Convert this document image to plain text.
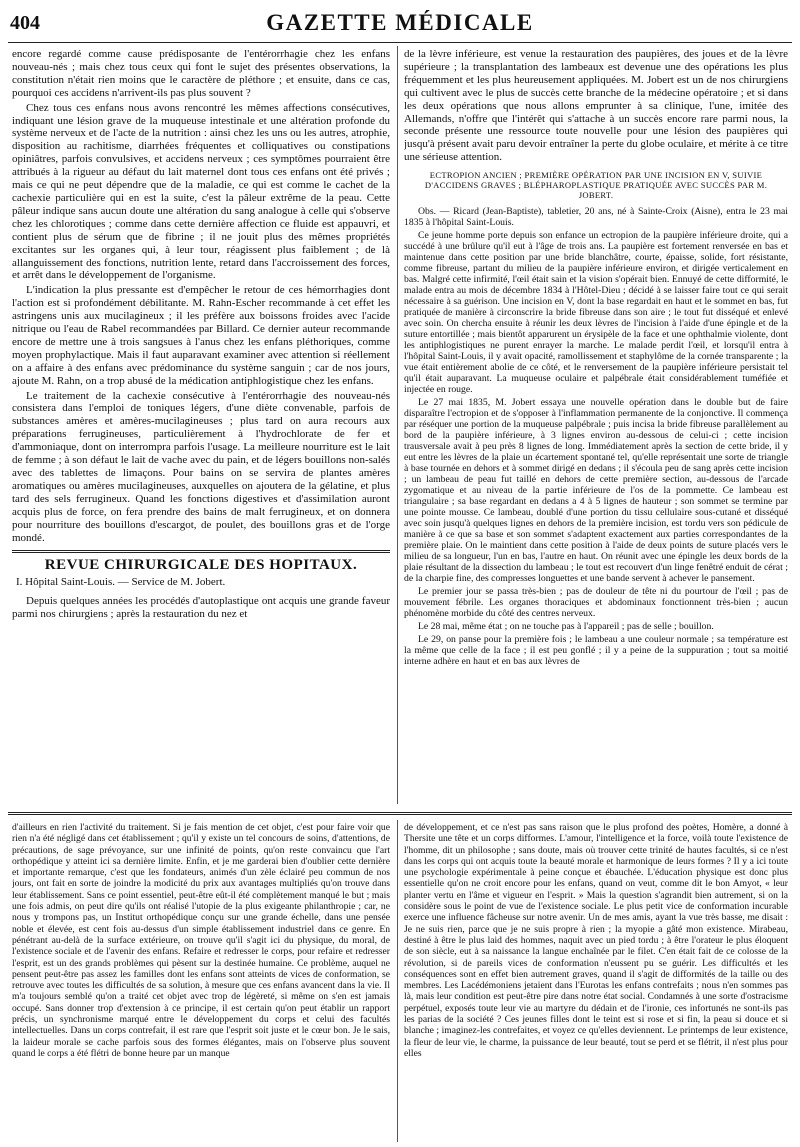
404	GAZETTE MÉDICALE

encore regardé comme cause prédisposante de l'entérorrhagie chez les enfans nouveau-nés ; mais chez tous ceux qui font le sujet des présentes observations, la constitution n'était rien moins que le caractère de pléthore ; et ensuite, dans ce cas, pourquoi ces accidens n'arrivent-ils pas plus souvent ?

Chez tous ces enfans nous avons rencontré les mêmes affections consécutives, indiquant une lésion grave de la muqueuse intestinale et une altération profonde du système nerveux et de l'acte de la nutrition : ainsi chez les uns ou les autres, atrophie, disposition au rachitisme, diarrhées fréquentes et colliquatives ou constipations opiniâtres, parfois convulsives, et accidens nerveux ; ces symptômes pourraient être attribués à la rigueur au défaut du lait maternel dont tous ces enfans ont été privés ; mais ce qui ne peut dépendre que de la maladie, ce qui est comme le cachet de la cachexie particulière qui en est la suite, c'est la pâleur extrême de la peau. Cette pâleur indique sans aucun doute une altération du sang analogue à celle qui s'observe chez les chlorotiques ; comme dans cette dernière affection ce fluide est appauvri, et contient plus de sérum que de fibrine ; il ne jouit plus des mêmes propriétés excitantes sur les organes qui, à leur tour, réagissent plus faiblement ; de là allanguissement des fonctions, nutrition lente, retard dans l'accroissement des forces, et arrêt dans le développement de l'organisme.

L'indication la plus pressante est d'empêcher le retour de ces hémorrhagies dont l'action est si profondément débilitante. M. Rahn-Escher recommande à cet effet les astringens unis aux mucilagineux ; il les préfère aux boissons froides avec l'acide nitrique ou l'eau de Rabel recommandées par Billard. Ce dernier auteur recommande encore de mettre une à trois sangsues à l'anus chez les enfans pléthoriques, comme moyen prophylactique. Mais il faut auparavant examiner avec attention si réellement on a affaire à des enfans avec prédominance du système sanguin ; car de nos jours, ajoute M. Rahn, on a trop abusé de la médication antiphlogistique chez les enfans.

Le traitement de la cachexie consécutive à l'entérorrhagie des nouveau-nés consistera dans l'emploi de toniques légers, d'une diète convenable, parfois de substances amères et amères-mucilagineuses ; plus tard on aura recours aux préparations ferrugineuses, particulièrement à l'hydrochlorate de fer et d'ammoniaque, dont on interrompra parfois l'usage. La meilleure nourriture est le lait de femme ; à son défaut le lait de vache avec du pain, et de légers bouillons non-salés avec des tablettes de limaçons. Pour bains on se servira de plantes amères aromatiques ou amères mucilagineuses, auxquelles on ajoutera de la gélatine, et plus tard des sels ferrugineux. Quand les fonctions digestives et d'assimilation auront acquis plus de force, on fera prendre des bains de malt ferrugineux, et on donnera pour nourriture des bouillons d'escargot, de poulet, des bouillons gras et de l'orge mondé.

REVUE CHIRURGICALE DES HOPITAUX.
I. Hôpital Saint-Louis. — Service de M. Jobert.

Depuis quelques années les procédés d'autoplastique ont acquis une grande faveur parmi nos chirurgiens ; après la restauration du nez et

de la lèvre inférieure, est venue la restauration des paupières, des joues et de la lèvre supérieure ; la transplantation des lambeaux est devenue une des opérations les plus fréquemment et les plus heureusement appliquées. M. Jobert est un de nos chirurgiens qui cultivent avec le plus de succès cette branche de la médecine opératoire ; et si dans les deux opérations que nous allons emprunter à sa clinique, l'une, imitée des Allemands, n'offre que l'intérêt qui s'attache à un succès encore rare parmi nous, la seconde présente une ressource toute nouvelle pour une lésion des paupières qui jusqu'à présent avait paru devoir entraîner la perte du globe oculaire, et mérite à ce titre une sérieuse attention.

ECTROPION ANCIEN ; PREMIÈRE OPÉRATION PAR UNE INCISION EN V, SUIVIE D'ACCIDENS GRAVES ; BLÉPHAROPLASTIQUE PRATIQUÉE AVEC SUCCÈS PAR M. JOBERT.

Obs. — Ricard (Jean-Baptiste), tabletier, 20 ans, né à Sainte-Croix (Aisne), entra le 23 mai 1835 à l'hôpital Saint-Louis.

Ce jeune homme porte depuis son enfance un ectropion de la paupière inférieure droite, qui a succédé à une brûlure qu'il eut à l'âge de trois ans. La paupière est fortement renversée en bas et maintenue dans cette position par une bride blanchâtre, courte, épaisse, solide, fort résistante, comme fibreuse, partant du milieu de la paupière inférieure environ, et dirigée verticalement en bas. Malgré cette infirmité, l'œil était sain et la vision s'opérait bien. Ennuyé de cette difformité, le malade entra au mois de décembre 1834 à l'Hôtel-Dieu ; décidé à se laisser faire tout ce qui serait nécessaire à sa guérison. Une incision en V, dont la base regardait en haut et le sommet en bas, fut pratiquée de manière à circonscrire la bride fibreuse dans son aire ; le tout fut disséqué et enlevé avec soin. On chercha ensuite à réunir les deux lèvres de l'incision à l'aide d'une épingle et de la suture entortillée ; mais bientôt apparurent un érysipèle de la face et une ophthalmie violente, dont les antiphlogistiques ne purent enrayer la marche. Le malade perdit l'œil, et lorsqu'il entra à l'hôpital Saint-Louis, il y avait opacité, ramollissement et staphylôme de la cornée transparente ; la vue était entièrement abolie de ce côté, et le renversement de la paupière inférieure persistait tel qu'il était auparavant. La muqueuse oculaire et palpébrale était considérablement tuméfiée et injectée en rouge.

Le 27 mai 1835, M. Jobert essaya une nouvelle opération dans le double but de faire disparaître l'ectropion et de s'opposer à l'inflammation permanente de la conjonctive. Il commença par réséquer une portion de la muqueuse palpébrale ; puis incisa la bride fibreuse parallèlement au bord de la paupière inférieure, à 3 lignes environ au-dessous de celui-ci ; cette incision trausversale avait à peu près 8 lignes de long. Immédiatement après la section de cette bride, il y eut entre les lèvres de la plaie un écartement spontané tel, qu'elle représentait une sorte de triangle à base tournée en dehors et à sommet dirigé en dedans ; il s'écoula peu de sang après cette incision ; un lambeau de peau fut taillé en dehors de cette première section, au-dessous de l'arcade zygomatique et au niveau de la partie inférieure de l'os de la pommette. Ce lambeau est triangulaire ; sa base regardant en dedans a 4 à 5 lignes de hauteur ; son sommet se termine par une pointe mousse. Ce lambeau, doublé d'une portion du tissu cellulaire sous-cutané et disséqué avec soin jusqu'à quelques lignes en dehors de la première incision, est tordu vers son pédicule de manière à ce que sa base et son sommet s'adaptent exactement aux parties correspondantes de la première plaie. On le maintient dans cette position à l'aide de deux points de suture placés vers le milieu de sa longueur, l'un en bas, l'autre en haut. On réunit avec une épingle les deux bords de la plaie résultant de la dissection du lambeau ; le tout est recouvert d'un linge fenêtré enduit de cérat ; de la charpie fine, des compresses longuettes et une bande servent à achever le pansement.

Le premier jour se passa très-bien ; pas de douleur de tête ni du pourtour de l'œil ; pas de mouvement fébrile. Les organes thoraciques et abdominaux fonctionnent très-bien ; aucun phénomène morbide du côté des centres nerveux.

Le 28 mai, même état ; on ne touche pas à l'appareil ; pas de selle ; bouillon.

Le 29, on panse pour la première fois ; le lambeau a une couleur normale ; sa température est la même que celle de la face ; il est peu gonflé ; il y a peine de la suppuration ; tout sa moitié interne adhère en haut et en bas aux lèvres de

d'ailleurs en rien l'activité du traitement. Si je fais mention de cet objet, c'est pour faire voir que rien n'a été négligé dans cet établissement ; qu'il y existe un tel concours de soins, d'attentions, de précautions, de sage prévoyance, sur une infinité de points, qu'on reste convaincu que l'art orthopédique y atteint ici sa dernière limite. Enfin, et je me garderai bien d'oublier cette dernière et importante remarque, c'est que les fondateurs, animés d'un zèle éclairé peu commun de nos jours, ont fait en sorte de joindre la modicité du prix aux avantages multipliés qu'on trouve dans leur établissement. Sans ce point essentiel, peut-être eût-il été complètement manqué le but ; mais une fois admis, on peut dire qu'ils ont réalisé l'utopie de la plus exigeante philanthropie ; car, ne nous y trompons pas, un Institut orthopédique conçu sur une grande échelle, dans une pensée noble et élevée, est cent fois au-dessus d'un simple établissement industriel dans ce genre. En pénétrant au-delà de la surface extérieure, on trouve qu'il s'agit ici du physique, du moral, de l'existence sociale et de l'avenir des enfans. Refaire et redresser le corps, pour refaire et redresser l'esprit, est un des grands problèmes qui pèsent sur la destinée humaine. Ce problème, auquel ne pensent peut-être pas assez les familles dont les enfans sont atteints de vices de conformation, se retrouve avec toutes les difficultés de sa solution, à mesure que ces enfans avancent dans la vie. Il m'a toujours semblé qu'on a traité cet objet avec trop de légèreté, si même on s'en est jamais occupé. Sans donner trop d'extension à ce principe, il est certain qu'on peut établir un rapport précis, un synchronisme marqué entre le développement du corps et celui des facultés intellectuelles. Dans un corps contrefait, il est rare que l'esprit soit juste et le cœur bon. Je le sais, la laideur morale se cache parfois sous des formes élégantes, mais on l'observe plus souvent quand le corps a été flétri de bonne heure par un manque

de développement, et ce n'est pas sans raison que le plus profond des poètes, Homère, a donné à Thersite une tête et un corps difformes. L'amour, l'intelligence et la force, voilà toute l'existence de l'homme, dit un philosophe ; sans doute, mais où trouver cette trinité de hautes facultés, si ce n'est dans les corps qui ont acquis toute la beauté morale et harmonique de leurs formes ? Il y a ici toute une psychologie expérimentale à peine conçue et ébauchée. L'éducation physique est donc plus essentielle qu'on ne croit encore pour les enfans, quand on veut, comme dit le bon Amyot, « leur planter vertu en l'âme et vigueur en l'esprit. » Mais la question s'agrandit bien autrement, si on la considère sous le point de vue de l'existence sociale. Le plus petit vice de conformation incurable exerce une influence fâcheuse sur notre avenir. Un de mes amis, ayant la vue très basse, me disait : Je ne suis rien, parce que je ne suis propre à rien ; la myopie a gâté mon existence. Mirabeau, destiné à être le plus laid des hommes, naquit avec un pied tordu ; à être l'orateur le plus éloquent de son siècle, eut à sa naissance la langue enchaînée par le filet. C'en était fait de ce colosse de la révolution, si de pareils vices de conformation n'eussent pu se guérir. Les difficultés et les conséquences sont en effet bien autrement graves, quand il s'agit de difformités de la taille ou des membres. Les Lacédémoniens jetaient dans l'Eurotas les enfans contrefaits ; nous n'en sommes pas là, mais leur condition est peut-être pire dans notre état social. Condamnés à une sorte d'ostracisme perpétuel, exposés toute leur vie au martyre du dédain et de l'ironie, ces infortunés ne sont-ils pas les parias de la société ? Ces jeunes filles dont le teint est si rose et si fin, la peau si douce et si blanche ; imaginez-les contrefaites, et voyez ce qu'elles deviennent. Le printemps de leur existence, la fleur de leur vie, le charme, la puissance de leur beauté, tout se perd et se flétrit, il n'est plus pour elles
